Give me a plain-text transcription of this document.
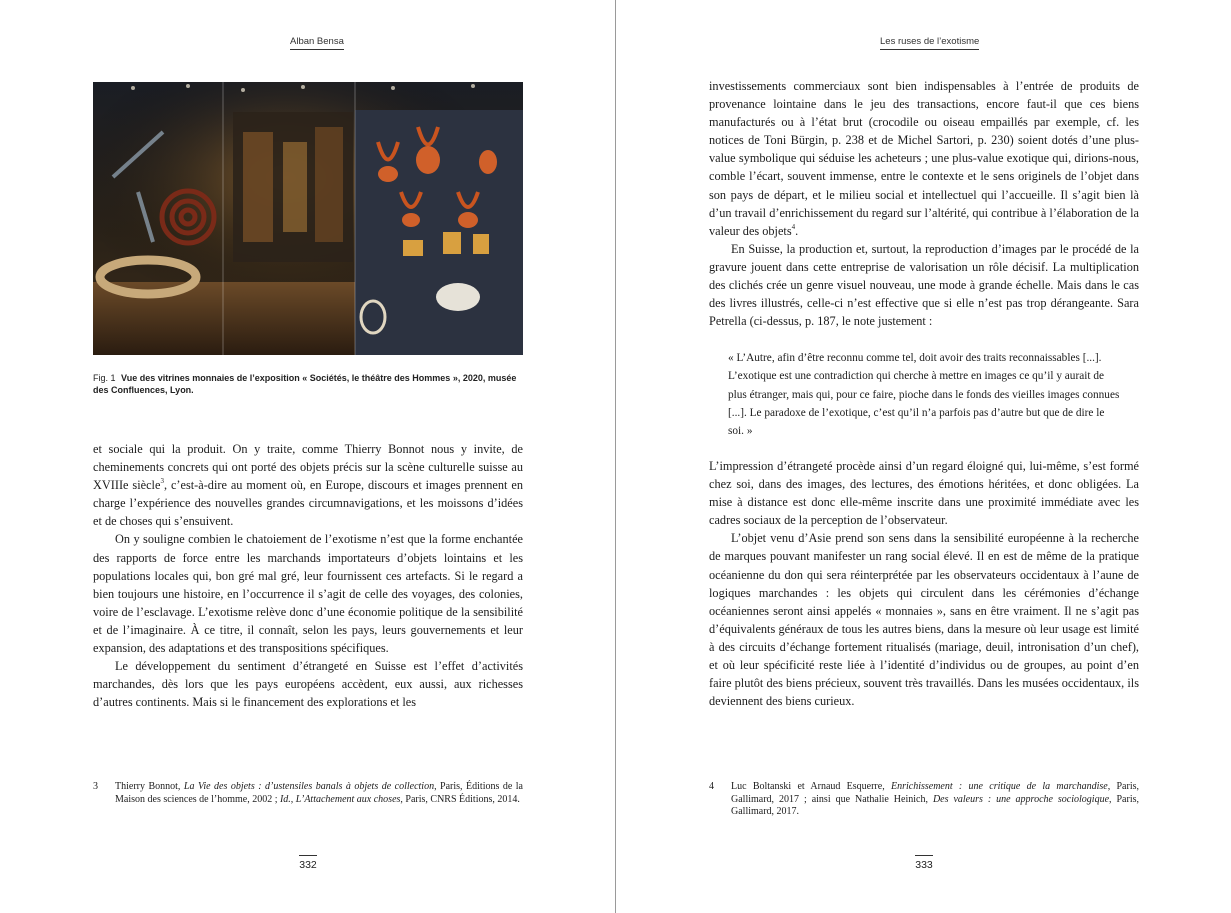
Alban Bensa
Fig. 1 Vue des vitrines monnaies de l’exposition « Sociétés, le théâtre des Hommes », 2020, musée des Confluences, Lyon.

et sociale qui la produit. On y traite, comme Thierry Bonnot nous y invite, de cheminements concrets qui ont porté des objets précis sur la scène culturelle suisse au XVIIIe siècle$^3$, c’est-à-dire au moment où, en Europe, discours et images prennent en charge l’expérience des nouvelles grandes circumnavigations, et les moissons d’idées et de choses qui s’ensuivent.

On y souligne combien le chatoiement de l’exotisme n’est que la forme enchantée des rapports de force entre les marchands importateurs d’objets lointains et les populations locales qui, bon gré mal gré, leur fournissent ces artefacts. Si le regard a bien toujours une histoire, en l’occurrence il s’agit de celle des voyages, des colonies, voire de l’esclavage. L’exotisme relève donc d’une économie politique de la sensibilité et de l’imaginaire. À ce titre, il connaît, selon les pays, leurs gouvernements et leur expansion, des adaptations et des transpositions spécifiques.

Le développement du sentiment d’étrangeté en Suisse est l’effet d’activités marchandes, dès lors que les pays européens accèdent, eux aussi, aux richesses d’autres continents. Mais si le financement des explorations et les

3 Thierry Bonnot, La Vie des objets : d’ustensiles banals à objets de collection, Paris, Éditions de la Maison des sciences de l’homme, 2002 ; Id., L’Attachement aux choses, Paris, CNRS Éditions, 2014.
332
Les ruses de l’exotisme

investissements commerciaux sont bien indispensables à l’entrée de produits de provenance lointaine dans le jeu des transactions, encore faut-il que ces biens manufacturés ou à l’état brut (crocodile ou oiseau empaillés par exemple, cf. les notices de Toni Bürgin, p. 238 et de Michel Sartori, p. 230) soient dotés d’une plus-value symbolique qui séduise les acheteurs ; une plus-value exotique qui, dirions-nous, comble l’écart, souvent immense, entre le contexte et le sens originels de l’objet dans son pays de départ, et le milieu social et intellectuel qui l’accueille. Il s’agit bien là d’un travail d’enrichissement du regard sur l’altérité, qui contribue à l’élaboration de la valeur des objets$^4$.

En Suisse, la production et, surtout, la reproduction d’images par le procédé de la gravure jouent dans cette entreprise de valorisation un rôle décisif. La multiplication des clichés crée un genre visuel nouveau, une mode à grande échelle. Mais dans le cas des livres illustrés, celle-ci n’est effective que si elle n’est pas trop dérangeante. Sara Petrella (ci-dessus, p. 187, le note justement :

« L’Autre, afin d’être reconnu comme tel, doit avoir des traits reconnaissables [...]. L’exotique est une contradiction qui cherche à mettre en images ce qu’il y aurait de plus étranger, mais qui, pour ce faire, pioche dans le fonds des vieilles images connues [...]. Le paradoxe de l’exotique, c’est qu’il n’a parfois pas d’autre but que de dire le soi. »

L’impression d’étrangeté procède ainsi d’un regard éloigné qui, lui-même, s’est formé chez soi, dans des images, des lectures, des émotions héritées, et donc obligées. La mise à distance est donc elle-même inscrite dans une proximité immédiate avec les cadres sociaux de la perception de l’observateur.

L’objet venu d’Asie prend son sens dans la sensibilité européenne à la recherche de marques pouvant manifester un rang social élevé. Il en est de même de la pratique océanienne du don qui sera réinterprétée par les observateurs occidentaux à l’aune de logiques marchandes : les objets qui circulent dans les cérémonies d’échange océaniennes seront ainsi appelés « monnaies », sans en être vraiment. Il ne s’agit pas d’équivalents généraux de tous les autres biens, dans la mesure où leur usage est limité à des circuits d’échange fortement ritualisés (mariage, deuil, intronisation d’un chef), et où leur spécificité reste liée à l’identité d’individus ou de groupes, au point d’en faire plutôt des biens précieux, souvent très travaillés. Dans les musées occidentaux, ils deviennent des biens curieux.

4 Luc Boltanski et Arnaud Esquerre, Enrichissement : une critique de la marchandise, Paris, Gallimard, 2017 ; ainsi que Nathalie Heinich, Des valeurs : une approche sociologique, Paris, Gallimard, 2017.
333
